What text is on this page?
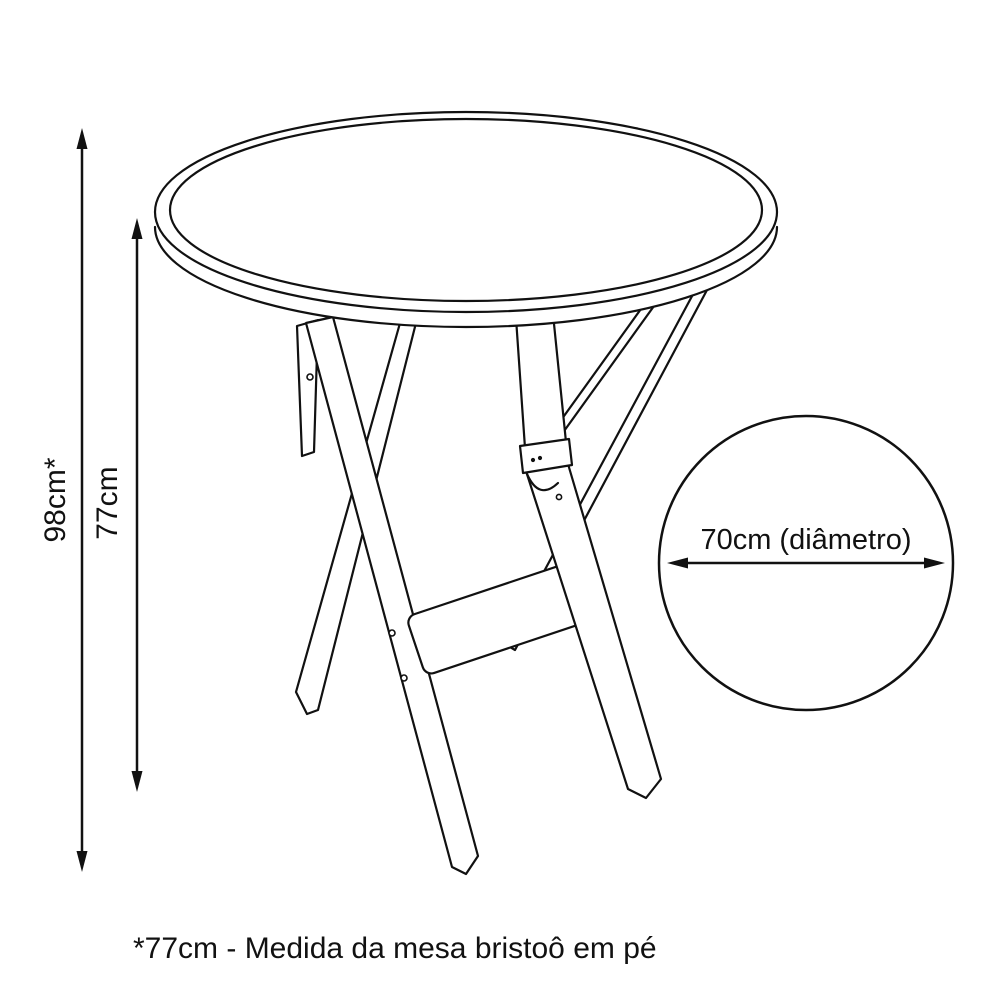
98cm* 77cm
70cm (diâmetro)
*77cm - Medida da mesa bristoô em pé
